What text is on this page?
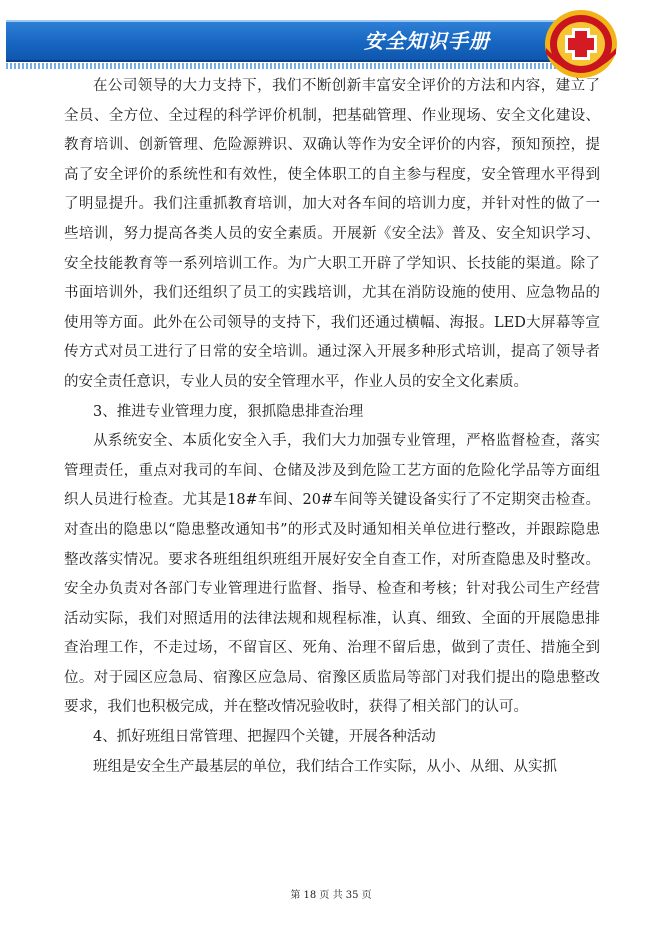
安全知识手册

在公司领导的大力支持下，我们不断创新丰富安全评价的方法和内容，建立了全员、全方位、全过程的科学评价机制，把基础管理、作业现场、安全文化建设、教育培训、创新管理、危险源辨识、双确认等作为安全评价的内容，预知预控，提高了安全评价的系统性和有效性，使全体职工的自主参与程度，安全管理水平得到了明显提升。我们注重抓教育培训，加大对各车间的培训力度，并针对性的做了一些培训，努力提高各类人员的安全素质。开展新《安全法》普及、安全知识学习、安全技能教育等一系列培训工作。为广大职工开辟了学知识、长技能的渠道。除了书面培训外，我们还组织了员工的实践培训，尤其在消防设施的使用、应急物品的使用等方面。此外在公司领导的支持下，我们还通过横幅、海报。LED大屏幕等宣传方式对员工进行了日常的安全培训。通过深入开展多种形式培训，提高了领导者的安全责任意识，专业人员的安全管理水平，作业人员的安全文化素质。

3、推进专业管理力度，狠抓隐患排查治理

从系统安全、本质化安全入手，我们大力加强专业管理，严格监督检查，落实管理责任，重点对我司的车间、仓储及涉及到危险工艺方面的危险化学品等方面组织人员进行检查。尤其是18#车间、20#车间等关键设备实行了不定期突击检查。对查出的隐患以“隐患整改通知书”的形式及时通知相关单位进行整改，并跟踪隐患整改落实情况。要求各班组组织班组开展好安全自查工作，对所查隐患及时整改。安全办负责对各部门专业管理进行监督、指导、检查和考核；针对我公司生产经营活动实际，我们对照适用的法律法规和规程标准，认真、细致、全面的开展隐患排查治理工作，不走过场，不留盲区、死角、治理不留后患，做到了责任、措施全到位。对于园区应急局、宿豫区应急局、宿豫区质监局等部门对我们提出的隐患整改要求，我们也积极完成，并在整改情况验收时，获得了相关部门的认可。

4、抓好班组日常管理、把握四个关键，开展各种活动

班组是安全生产最基层的单位，我们结合工作实际，从小、从细、从实抓

第 18 页 共 35 页
